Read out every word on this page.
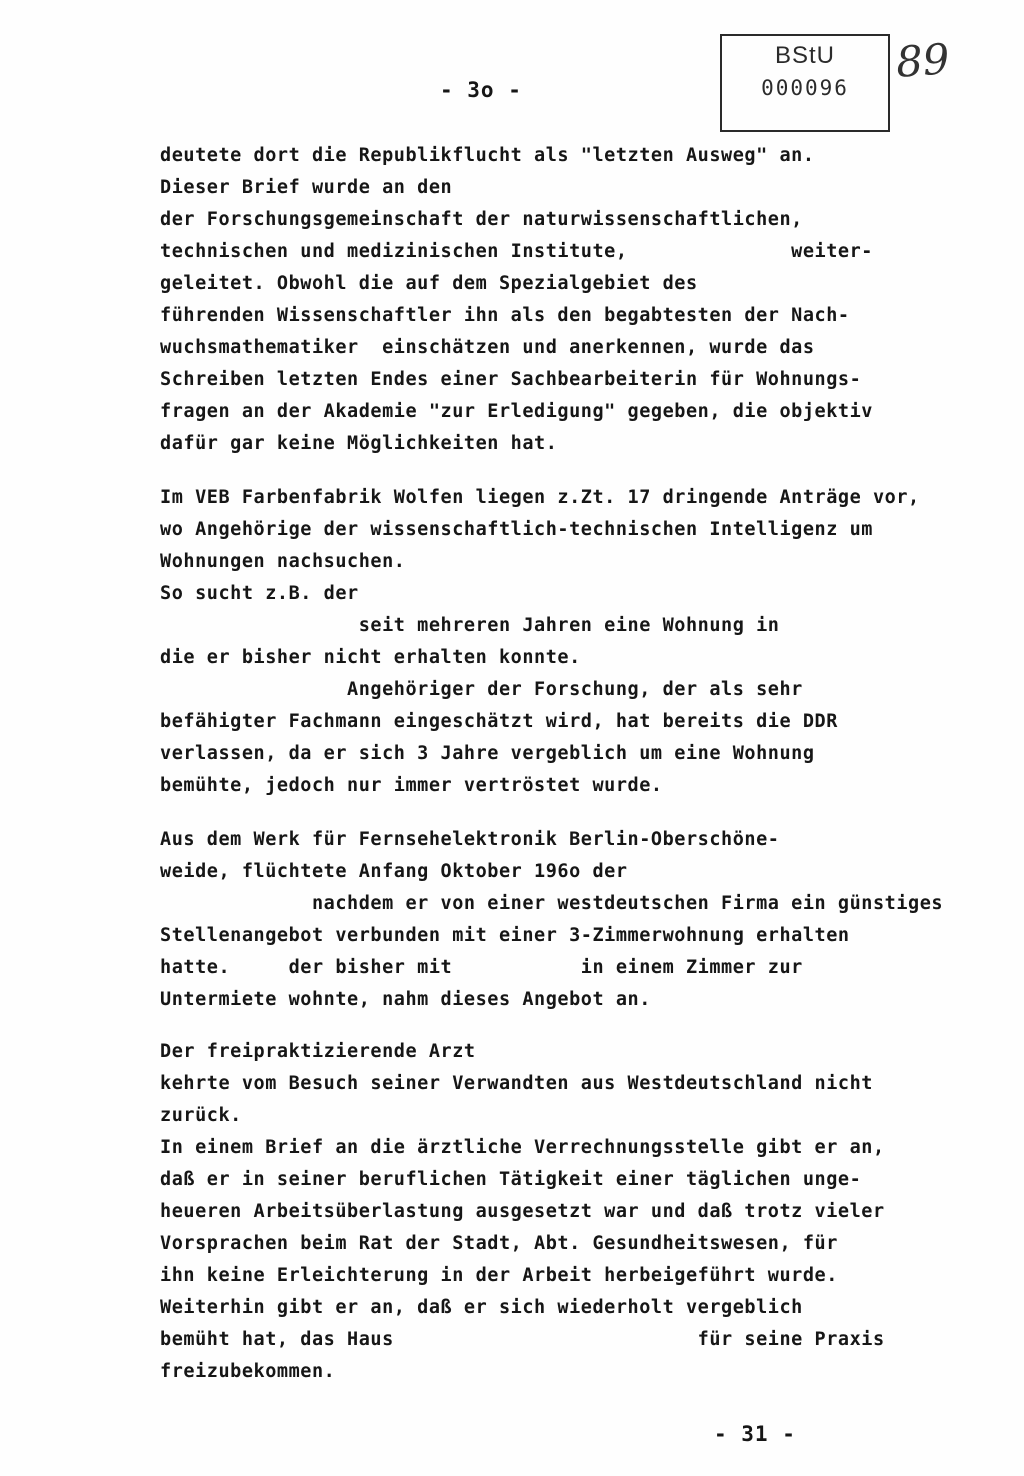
BStU
000096
89
- 3o -
deutete dort die Republikflucht als "letzten Ausweg" an.
Dieser Brief wurde an den
der Forschungsgemeinschaft der naturwissenschaftlichen,
technischen und medizinischen Institute,              weiter-
geleitet. Obwohl die auf dem Spezialgebiet des
führenden Wissenschaftler ihn als den begabtesten der Nach-
wuchsmathematiker  einschätzen und anerkennen, wurde das
Schreiben letzten Endes einer Sachbearbeiterin für Wohnungs-
fragen an der Akademie "zur Erledigung" gegeben, die objektiv
dafür gar keine Möglichkeiten hat.
Im VEB Farbenfabrik Wolfen liegen z.Zt. 17 dringende Anträge vor,
wo Angehörige der wissenschaftlich-technischen Intelligenz um
Wohnungen nachsuchen.
So sucht z.B. der
seit mehreren Jahren eine Wohnung in
die er bisher nicht erhalten konnte.
Angehöriger der Forschung, der als sehr
befähigter Fachmann eingeschätzt wird, hat bereits die DDR
verlassen, da er sich 3 Jahre vergeblich um eine Wohnung
bemühte, jedoch nur immer vertröstet wurde.
Aus dem Werk für Fernsehelektronik Berlin-Oberschöne-
weide, flüchtete Anfang Oktober 196o der
nachdem er von einer westdeutschen Firma ein günstiges
Stellenangebot verbunden mit einer 3-Zimmerwohnung erhalten
hatte.     der bisher mit           in einem Zimmer zur
Untermiete wohnte, nahm dieses Angebot an.
Der freipraktizierende Arzt
kehrte vom Besuch seiner Verwandten aus Westdeutschland nicht
zurück.
In einem Brief an die ärztliche Verrechnungsstelle gibt er an,
daß er in seiner beruflichen Tätigkeit einer täglichen unge-
heueren Arbeitsüberlastung ausgesetzt war und daß trotz vieler
Vorsprachen beim Rat der Stadt, Abt. Gesundheitswesen, für
ihn keine Erleichterung in der Arbeit herbeigeführt wurde.
Weiterhin gibt er an, daß er sich wiederholt vergeblich
bemüht hat, das Haus                          für seine Praxis
freizubekommen.
- 31 -
